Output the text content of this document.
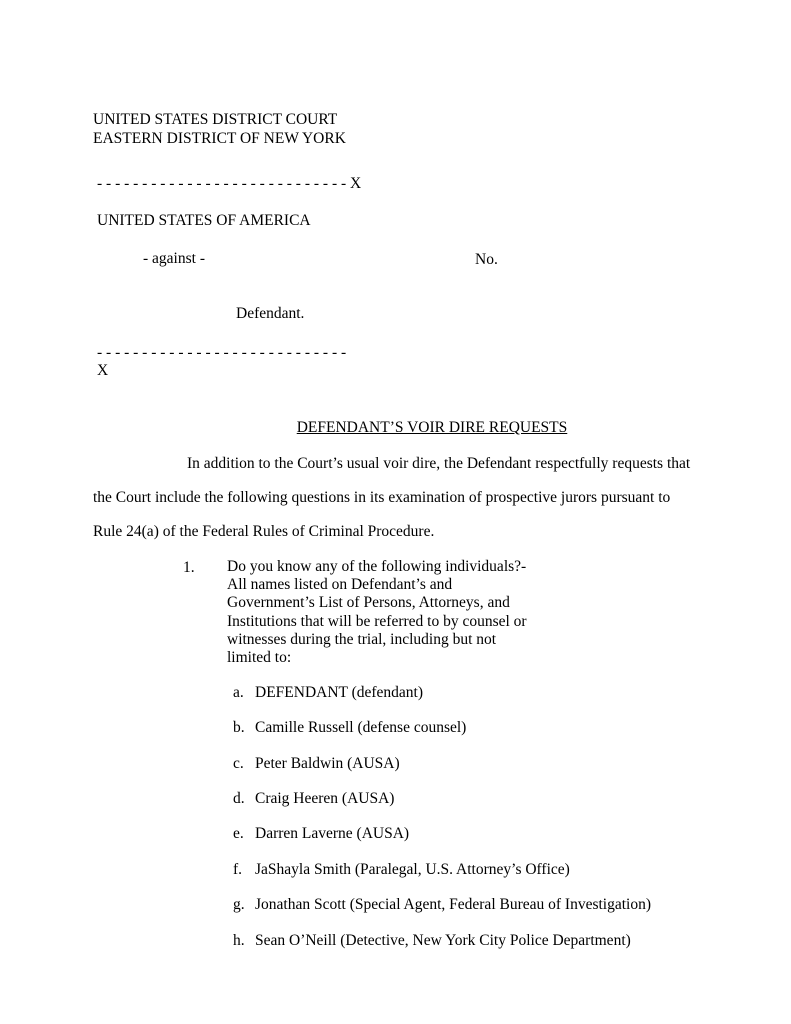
UNITED STATES DISTRICT COURT
EASTERN DISTRICT OF NEW YORK
- - - - - - - - - - - - - - - - - - - - - - - - - - - - X
UNITED STATES OF AMERICA
- against -	No.
Defendant.
- - - - - - - - - - - - - - - - - - - - - - - - - - - -
X
DEFENDANT’S VOIR DIRE REQUESTS
In addition to the Court’s usual voir dire, the Defendant respectfully requests that
the Court include the following questions in its examination of prospective jurors pursuant to
Rule 24(a) of the Federal Rules of Criminal Procedure.
1. Do you know any of the following individuals?-
All names listed on Defendant’s and
Government’s List of Persons, Attorneys, and
Institutions that will be referred to by counsel or
witnesses during the trial, including but not
limited to:
a. DEFENDANT (defendant)
b. Camille Russell (defense counsel)
c. Peter Baldwin (AUSA)
d. Craig Heeren (AUSA)
e. Darren Laverne (AUSA)
f. JaShayla Smith (Paralegal, U.S. Attorney’s Office)
g. Jonathan Scott (Special Agent, Federal Bureau of Investigation)
h. Sean O’Neill (Detective, New York City Police Department)
